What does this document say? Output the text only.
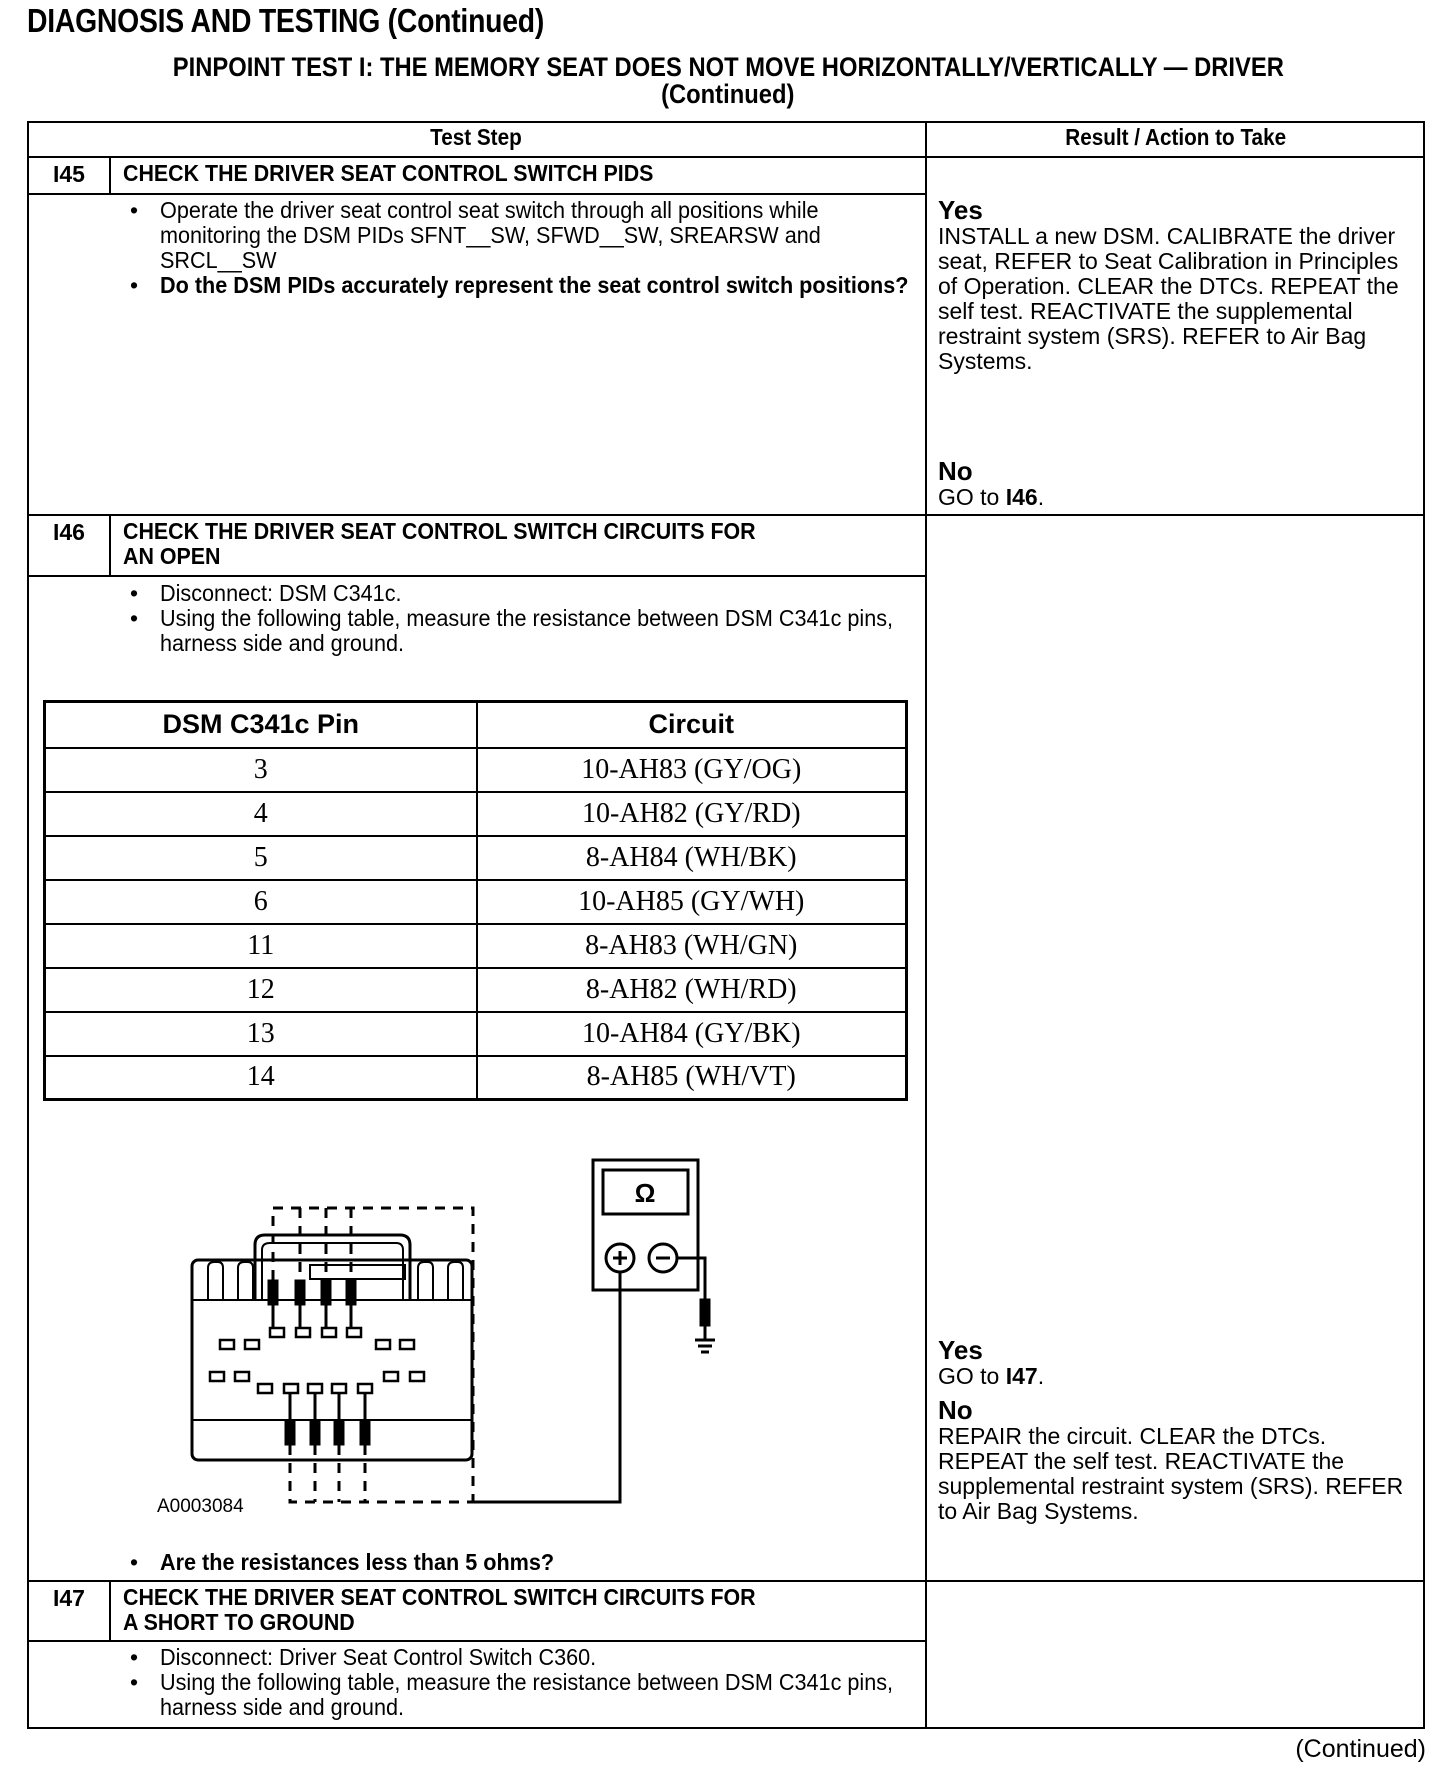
DIAGNOSIS AND TESTING (Continued)
PINPOINT TEST I: THE MEMORY SEAT DOES NOT MOVE HORIZONTALLY/VERTICALLY — DRIVER
(Continued)
Test Step	Result / Action to Take
I45	CHECK THE DRIVER SEAT CONTROL SWITCH PIDS
• Operate the driver seat control seat switch through all positions while monitoring the DSM PIDs SFNT__SW, SFWD__SW, SREARSW and SRCL__SW
• Do the DSM PIDs accurately represent the seat control switch positions?
Yes
INSTALL a new DSM. CALIBRATE the driver seat, REFER to Seat Calibration in Principles of Operation. CLEAR the DTCs. REPEAT the self test. REACTIVATE the supplemental restraint system (SRS). REFER to Air Bag Systems.
No
GO to I46.
I46	CHECK THE DRIVER SEAT CONTROL SWITCH CIRCUITS FOR
AN OPEN
• Disconnect: DSM C341c.
• Using the following table, measure the resistance between DSM C341c pins, harness side and ground.
DSM C341c Pin	Circuit
3	10-AH83 (GY/OG)
4	10-AH82 (GY/RD)
5	8-AH84 (WH/BK)
6	10-AH85 (GY/WH)
11	8-AH83 (WH/GN)
12	8-AH82 (WH/RD)
13	10-AH84 (GY/BK)
14	8-AH85 (WH/VT)
Ω
A0003084
• Are the resistances less than 5 ohms?
Yes
GO to I47.
No
REPAIR the circuit. CLEAR the DTCs. REPEAT the self test. REACTIVATE the supplemental restraint system (SRS). REFER to Air Bag Systems.
I47	CHECK THE DRIVER SEAT CONTROL SWITCH CIRCUITS FOR
A SHORT TO GROUND
• Disconnect: Driver Seat Control Switch C360.
• Using the following table, measure the resistance between DSM C341c pins, harness side and ground.
(Continued)
